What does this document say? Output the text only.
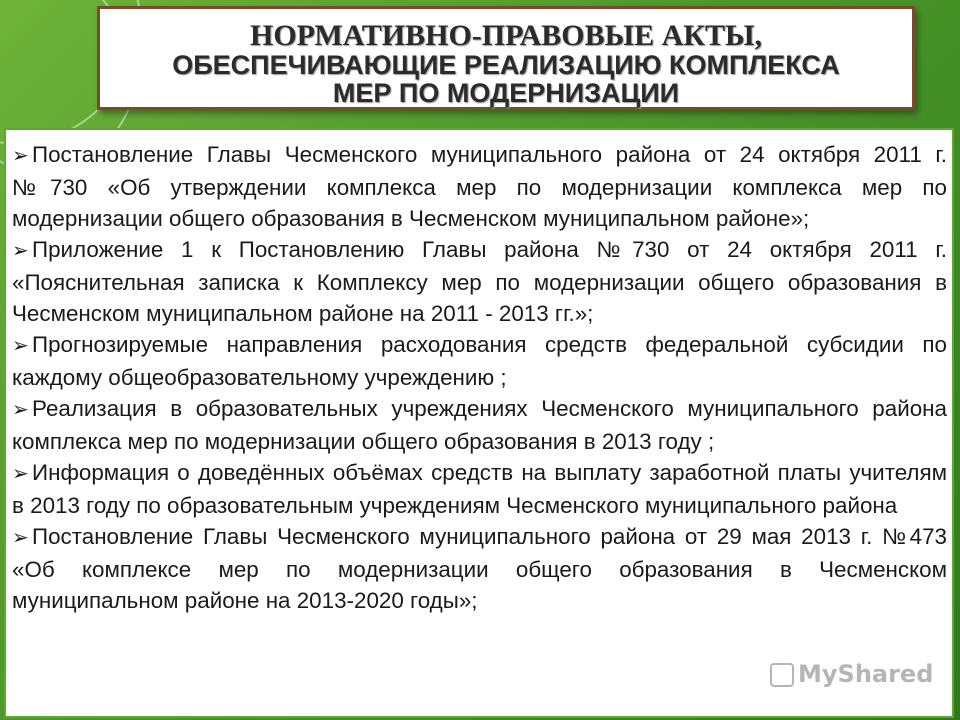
НОРМАТИВНО-ПРАВОВЫЕ АКТЫ,
ОБЕСПЕЧИВАЮЩИЕ РЕАЛИЗАЦИЮ КОМПЛЕКСА
МЕР ПО МОДЕРНИЗАЦИИ
➢ Постановление Главы Чесменского муниципального района от 24 октября 2011 г. №730 «Об утверждении комплекса мер по модернизации комплекса мер по модернизации общего образования в Чесменском муниципальном районе»;
➢ Приложение 1 к Постановлению Главы района №730 от 24 октября 2011 г. «Пояснительная записка к Комплексу мер по модернизации общего образования в Чесменском муниципальном районе на 2011 - 2013 гг.»;
➢ Прогнозируемые направления расходования средств федеральной субсидии по каждому общеобразовательному учреждению ;
➢ Реализация в образовательных учреждениях Чесменского муниципального района комплекса мер по модернизации общего образования в 2013 году ;
➢ Информация о доведённых объёмах средств на выплату заработной платы учителям в 2013 году по образовательным учреждениям Чесменского муниципального района
➢ Постановление Главы Чесменского муниципального района от 29 мая 2013 г. №473 «Об комплексе мер по модернизации общего образования в Чесменском муниципальном районе на 2013-2020 годы»;
MyShared
